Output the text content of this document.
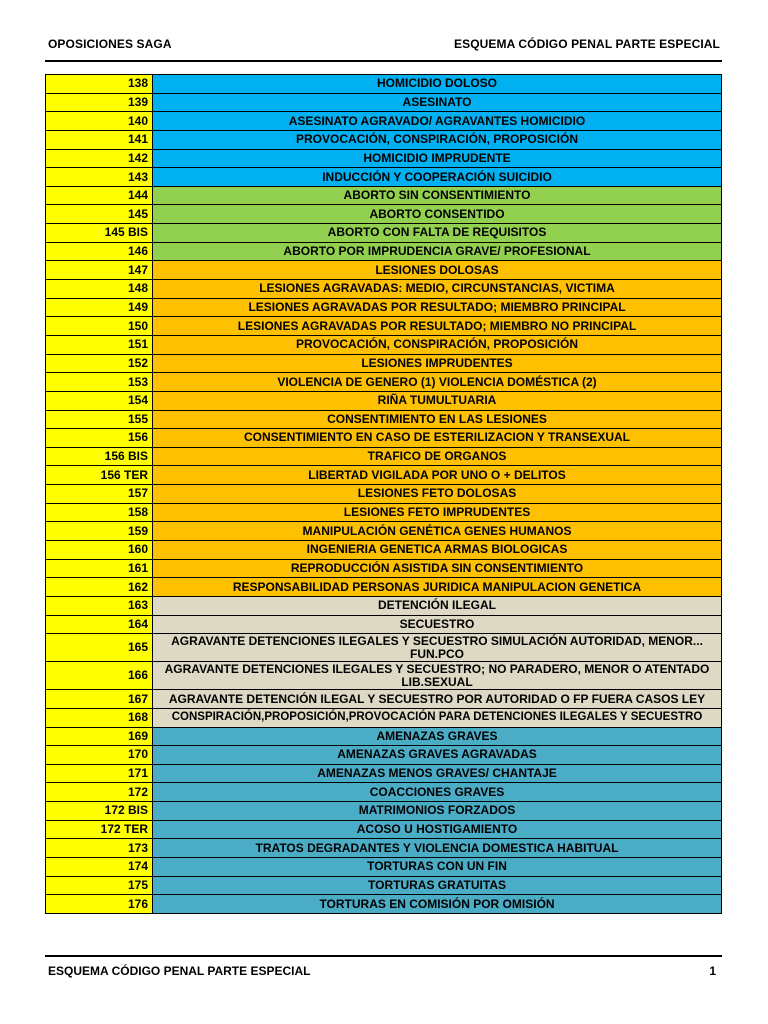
OPOSICIONES SAGA	ESQUEMA CÓDIGO PENAL PARTE ESPECIAL
138	HOMICIDIO DOLOSO
139	ASESINATO
140	ASESINATO AGRAVADO/ AGRAVANTES HOMICIDIO
141	PROVOCACIÓN, CONSPIRACIÓN, PROPOSICIÓN
142	HOMICIDIO IMPRUDENTE
143	INDUCCIÓN Y COOPERACIÓN SUICIDIO
144	ABORTO SIN CONSENTIMIENTO
145	ABORTO CONSENTIDO
145 BIS	ABORTO CON FALTA DE REQUISITOS
146	ABORTO POR IMPRUDENCIA GRAVE/ PROFESIONAL
147	LESIONES DOLOSAS
148	LESIONES AGRAVADAS: MEDIO, CIRCUNSTANCIAS, VICTIMA
149	LESIONES AGRAVADAS POR RESULTADO; MIEMBRO PRINCIPAL
150	LESIONES AGRAVADAS POR RESULTADO; MIEMBRO NO PRINCIPAL
151	PROVOCACIÓN, CONSPIRACIÓN, PROPOSICIÓN
152	LESIONES IMPRUDENTES
153	VIOLENCIA DE GENERO (1) VIOLENCIA DOMÉSTICA (2)
154	RIÑA TUMULTUARIA
155	CONSENTIMIENTO EN LAS LESIONES
156	CONSENTIMIENTO EN CASO DE ESTERILIZACION Y TRANSEXUAL
156 BIS	TRAFICO DE ORGANOS
156 TER	LIBERTAD VIGILADA POR UNO O + DELITOS
157	LESIONES FETO DOLOSAS
158	LESIONES FETO IMPRUDENTES
159	MANIPULACIÓN GENÉTICA GENES HUMANOS
160	INGENIERIA GENETICA ARMAS BIOLOGICAS
161	REPRODUCCIÓN ASISTIDA SIN CONSENTIMIENTO
162	RESPONSABILIDAD PERSONAS JURIDICA MANIPULACION GENETICA
163	DETENCIÓN ILEGAL
164	SECUESTRO
165	AGRAVANTE DETENCIONES ILEGALES Y SECUESTRO SIMULACIÓN AUTORIDAD, MENOR... FUN.PCO
166	AGRAVANTE DETENCIONES ILEGALES Y SECUESTRO; NO PARADERO, MENOR O ATENTADO LIB.SEXUAL
167	AGRAVANTE DETENCIÓN ILEGAL Y SECUESTRO POR AUTORIDAD O FP FUERA CASOS LEY
168	CONSPIRACIÓN,PROPOSICIÓN,PROVOCACIÓN PARA DETENCIONES ILEGALES Y SECUESTRO
169	AMENAZAS GRAVES
170	AMENAZAS GRAVES AGRAVADAS
171	AMENAZAS MENOS GRAVES/ CHANTAJE
172	COACCIONES GRAVES
172 BIS	MATRIMONIOS FORZADOS
172 TER	ACOSO U HOSTIGAMIENTO
173	TRATOS DEGRADANTES Y VIOLENCIA DOMESTICA HABITUAL
174	TORTURAS CON UN FIN
175	TORTURAS GRATUITAS
176	TORTURAS EN COMISIÓN POR OMISIÓN
ESQUEMA CÓDIGO PENAL PARTE ESPECIAL	1
